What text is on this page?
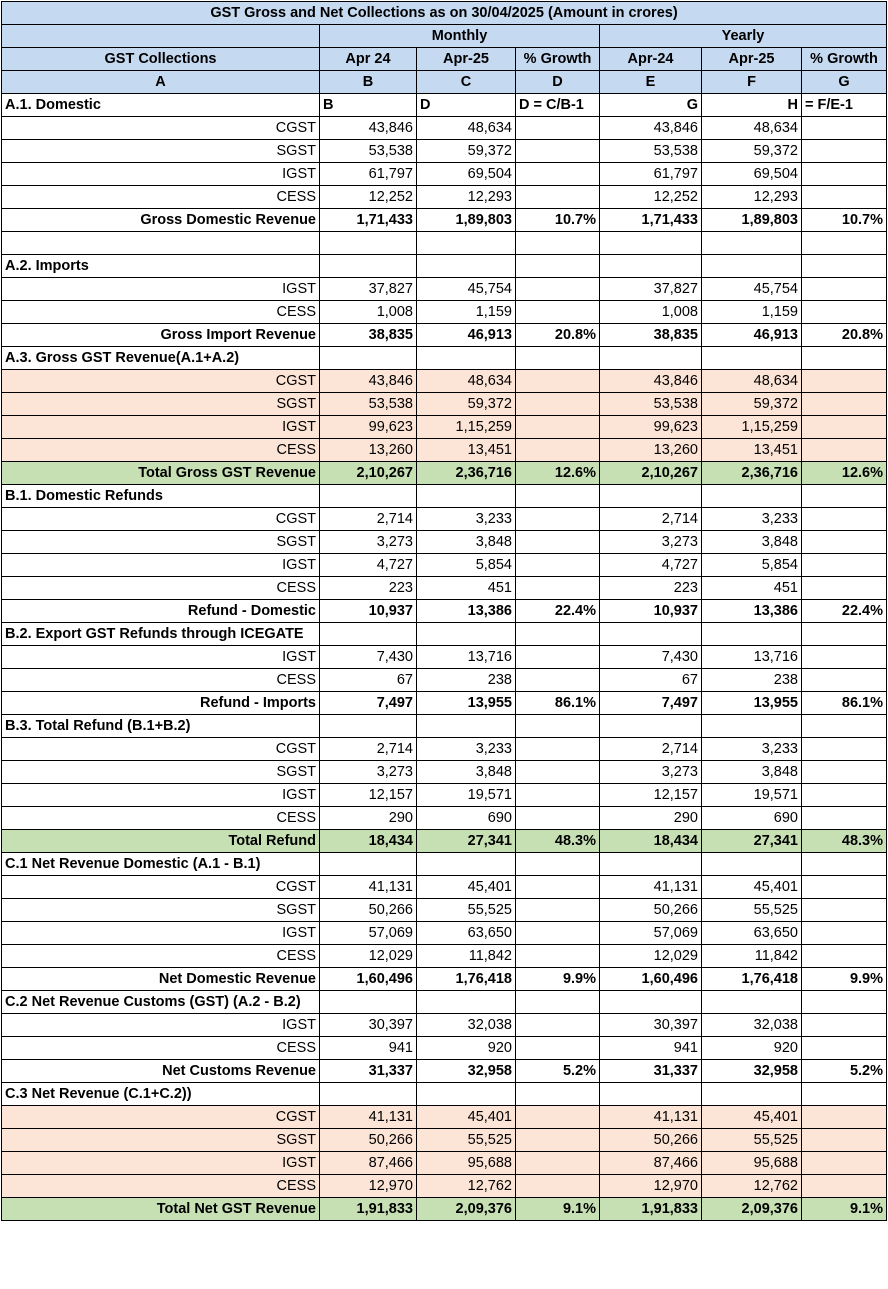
GST Gross and Net Collections as on 30/04/2025 (Amount in crores)						
	Monthly			Yearly		
GST Collections	Apr 24	Apr-25	% Growth	Apr-24	Apr-25	% Growth
A	B	C	D	E	F	G
A.1. Domestic	B	D	D = C/B-1	G	H	= F/E-1
CGST	43,846	48,634		43,846	48,634	
SGST	53,538	59,372		53,538	59,372	
IGST	61,797	69,504		61,797	69,504	
CESS	12,252	12,293		12,252	12,293	
Gross Domestic Revenue	1,71,433	1,89,803	10.7%	1,71,433	1,89,803	10.7%

A.2. Imports						
IGST	37,827	45,754		37,827	45,754	
CESS	1,008	1,159		1,008	1,159	
Gross Import Revenue	38,835	46,913	20.8%	38,835	46,913	20.8%
A.3. Gross GST Revenue(A.1+A.2)						
CGST	43,846	48,634		43,846	48,634	
SGST	53,538	59,372		53,538	59,372	
IGST	99,623	1,15,259		99,623	1,15,259	
CESS	13,260	13,451		13,260	13,451	
Total Gross GST Revenue	2,10,267	2,36,716	12.6%	2,10,267	2,36,716	12.6%
B.1. Domestic Refunds						
CGST	2,714	3,233		2,714	3,233	
SGST	3,273	3,848		3,273	3,848	
IGST	4,727	5,854		4,727	5,854	
CESS	223	451		223	451	
Refund - Domestic	10,937	13,386	22.4%	10,937	13,386	22.4%
B.2. Export GST Refunds through ICEGATE						
IGST	7,430	13,716		7,430	13,716	
CESS	67	238		67	238	
Refund - Imports	7,497	13,955	86.1%	7,497	13,955	86.1%
B.3. Total Refund (B.1+B.2)						
CGST	2,714	3,233		2,714	3,233	
SGST	3,273	3,848		3,273	3,848	
IGST	12,157	19,571		12,157	19,571	
CESS	290	690		290	690	
Total Refund	18,434	27,341	48.3%	18,434	27,341	48.3%
C.1 Net Revenue Domestic (A.1 - B.1)						
CGST	41,131	45,401		41,131	45,401	
SGST	50,266	55,525		50,266	55,525	
IGST	57,069	63,650		57,069	63,650	
CESS	12,029	11,842		12,029	11,842	
Net Domestic Revenue	1,60,496	1,76,418	9.9%	1,60,496	1,76,418	9.9%
C.2 Net Revenue Customs (GST) (A.2 - B.2)						
IGST	30,397	32,038		30,397	32,038	
CESS	941	920		941	920	
Net Customs Revenue	31,337	32,958	5.2%	31,337	32,958	5.2%
C.3 Net Revenue (C.1+C.2))						
CGST	41,131	45,401		41,131	45,401	
SGST	50,266	55,525		50,266	55,525	
IGST	87,466	95,688		87,466	95,688	
CESS	12,970	12,762		12,970	12,762	
Total Net GST Revenue	1,91,833	2,09,376	9.1%	1,91,833	2,09,376	9.1%
